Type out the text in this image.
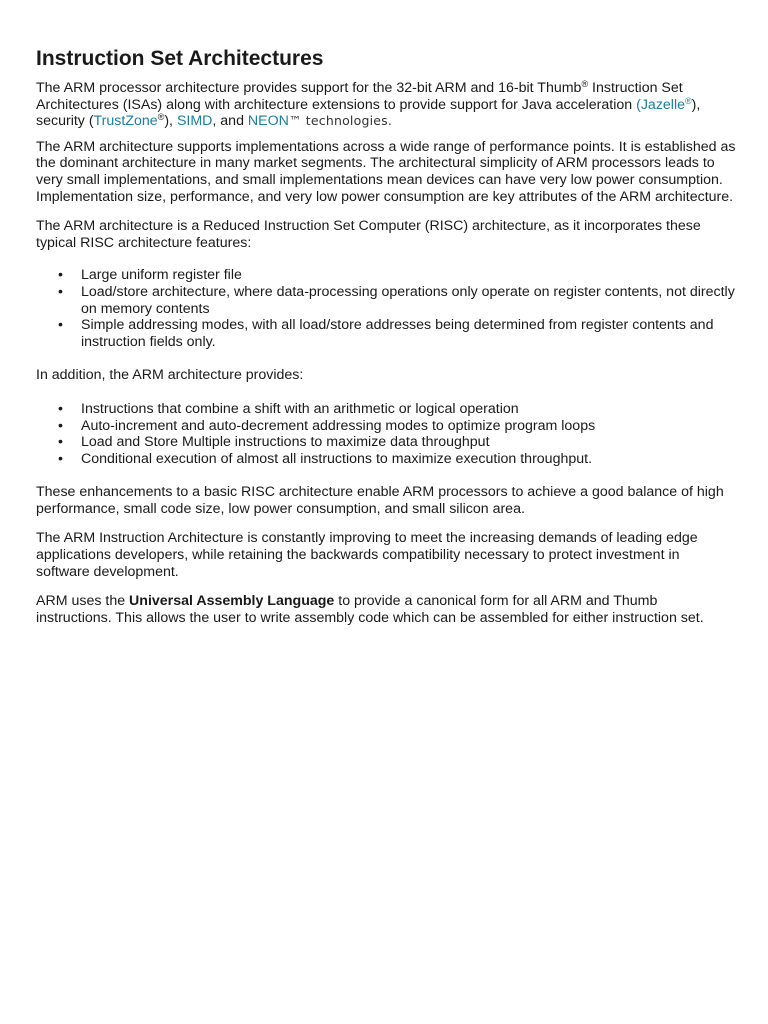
Instruction Set Architectures

The ARM processor architecture provides support for the 32-bit ARM and 16-bit Thumb® Instruction Set Architectures (ISAs) along with architecture extensions to provide support for Java acceleration (Jazelle®), security (TrustZone®), SIMD, and NEON™ technologies.

The ARM architecture supports implementations across a wide range of performance points. It is established as the dominant architecture in many market segments. The architectural simplicity of ARM processors leads to very small implementations, and small implementations mean devices can have very low power consumption. Implementation size, performance, and very low power consumption are key attributes of the ARM architecture.

The ARM architecture is a Reduced Instruction Set Computer (RISC) architecture, as it incorporates these typical RISC architecture features:

• Large uniform register file
• Load/store architecture, where data-processing operations only operate on register contents, not directly on memory contents
• Simple addressing modes, with all load/store addresses being determined from register contents and instruction fields only.

In addition, the ARM architecture provides:

• Instructions that combine a shift with an arithmetic or logical operation
• Auto-increment and auto-decrement addressing modes to optimize program loops
• Load and Store Multiple instructions to maximize data throughput
• Conditional execution of almost all instructions to maximize execution throughput.

These enhancements to a basic RISC architecture enable ARM processors to achieve a good balance of high performance, small code size, low power consumption, and small silicon area.

The ARM Instruction Architecture is constantly improving to meet the increasing demands of leading edge applications developers, while retaining the backwards compatibility necessary to protect investment in software development.

ARM uses the Universal Assembly Language to provide a canonical form for all ARM and Thumb instructions. This allows the user to write assembly code which can be assembled for either instruction set.
